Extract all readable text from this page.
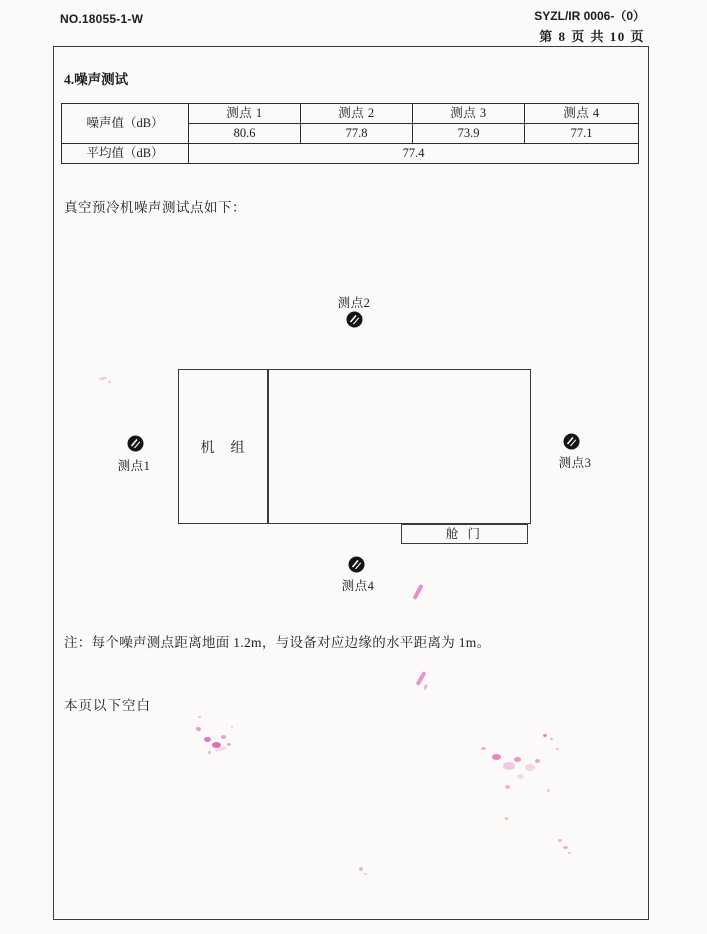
NO.18055-1-W	SYZL/IR 0006-（0）
第 8 页 共 10 页
4.噪声测试
噪声值（dB）	测点 1	测点 2	测点 3	测点 4
	80.6	77.8	73.9	77.1
平均值（dB）	77.4			
真空预冷机噪声测试点如下：
机　组
舱 门
测点2
测点1	测点3
测点4
注：每个噪声测点距离地面 1.2m，与设备对应边缘的水平距离为 1m。
本页以下空白
